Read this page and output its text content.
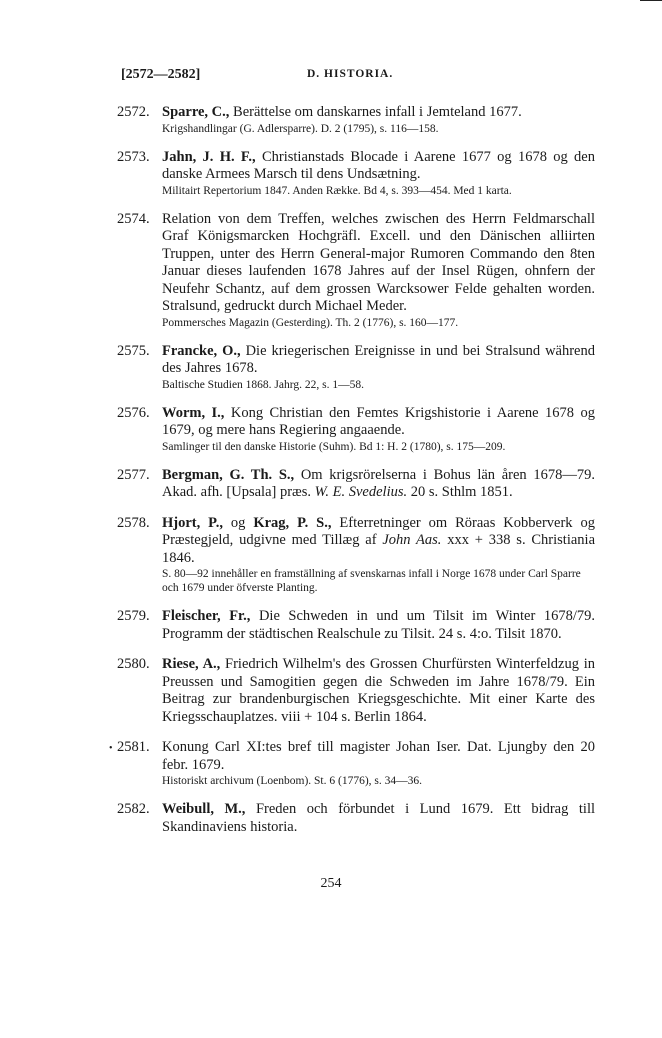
[2572—2582]	D. HISTORIA.
2572. Sparre, C., Berättelse om danskarnes infall i Jemteland 1677.
Krigshandlingar (G. Adlersparre). D. 2 (1795), s. 116—158.
2573. Jahn, J. H. F., Christianstads Blocade i Aarene 1677 og 1678 og den danske Armees Marsch til dens Undsætning.
Militairt Repertorium 1847. Anden Række. Bd 4, s. 393—454. Med 1 karta.
2574. Relation von dem Treffen, welches zwischen des Herrn Feldmarschall Graf Königsmarcken Hochgräfl. Excell. und den Dänischen alliirten Truppen, unter des Herrn General-major Rumoren Commando den 8ten Januar dieses laufenden 1678 Jahres auf der Insel Rügen, ohnfern der Neufehr Schantz, auf dem grossen Warcksower Felde gehalten worden. Stralsund, gedruckt durch Michael Meder.
Pommersches Magazin (Gesterding). Th. 2 (1776), s. 160—177.
2575. Francke, O., Die kriegerischen Ereignisse in und bei Stralsund während des Jahres 1678.
Baltische Studien 1868. Jahrg. 22, s. 1—58.
2576. Worm, I., Kong Christian den Femtes Krigshistorie i Aarene 1678 og 1679, og mere hans Regiering angaaende.
Samlinger til den danske Historie (Suhm). Bd 1: H. 2 (1780), s. 175—209.
2577. Bergman, G. Th. S., Om krigsrörelserna i Bohus län åren 1678—79. Akad. afh. [Upsala] præs. W. E. Svedelius. 20 s. Sthlm 1851.
2578. Hjort, P., og Krag, P. S., Efterretninger om Röraas Kobberverk og Præstegjeld, udgivne med Tillæg af John Aas. xxx + 338 s. Christiania 1846.
S. 80—92 innehåller en framställning af svenskarnas infall i Norge 1678 under Carl Sparre och 1679 under öfverste Planting.
2579. Fleischer, Fr., Die Schweden in und um Tilsit im Winter 1678/79. Programm der städtischen Realschule zu Tilsit. 24 s. 4:o. Tilsit 1870.
2580. Riese, A., Friedrich Wilhelm's des Grossen Churfürsten Winterfeldzug in Preussen und Samogitien gegen die Schweden im Jahre 1678/79. Ein Beitrag zur brandenburgischen Kriegsgeschichte. Mit einer Karte des Kriegsschauplatzes. viii + 104 s. Berlin 1864.
• 2581. Konung Carl XI:tes bref till magister Johan Iser. Dat. Ljungby den 20 febr. 1679.
Historiskt archivum (Loenbom). St. 6 (1776), s. 34—36.
2582. Weibull, M., Freden och förbundet i Lund 1679. Ett bidrag till Skandinaviens historia.
254
